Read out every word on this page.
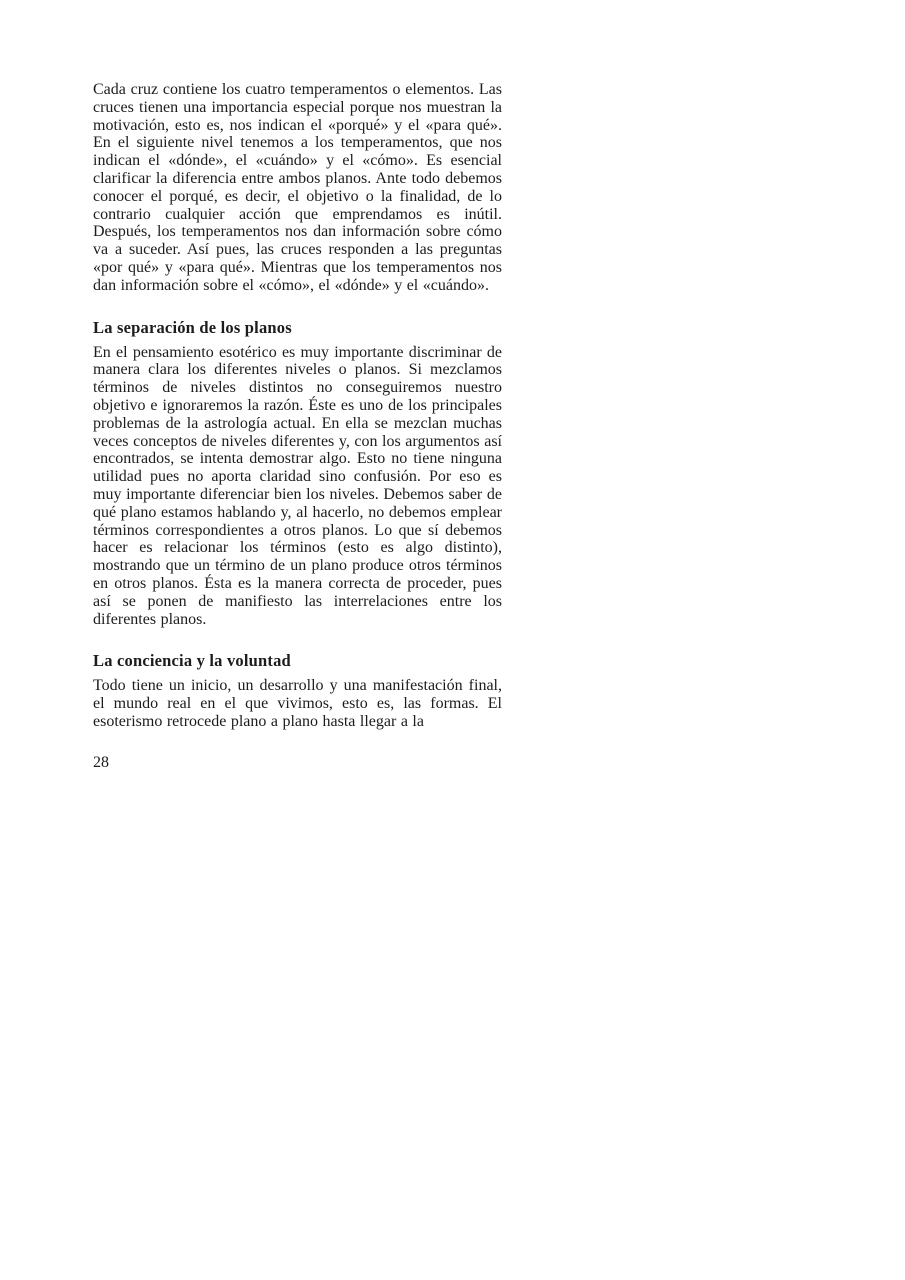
Cada cruz contiene los cuatro temperamentos o elementos. Las cruces tienen una importancia especial porque nos muestran la motivación, esto es, nos indican el «porqué» y el «para qué». En el siguiente nivel tenemos a los temperamentos, que nos indican el «dónde», el «cuándo» y el «cómo». Es esencial clarificar la diferencia entre ambos planos. Ante todo debemos conocer el porqué, es decir, el objetivo o la finalidad, de lo contrario cualquier acción que emprendamos es inútil. Después, los temperamentos nos dan información sobre cómo va a suceder. Así pues, las cruces responden a las preguntas «por qué» y «para qué». Mientras que los temperamentos nos dan información sobre el «cómo», el «dónde» y el «cuándo».

La separación de los planos

En el pensamiento esotérico es muy importante discriminar de manera clara los diferentes niveles o planos. Si mezclamos términos de niveles distintos no conseguiremos nuestro objetivo e ignoraremos la razón. Éste es uno de los principales problemas de la astrología actual. En ella se mezclan muchas veces conceptos de niveles diferentes y, con los argumentos así encontrados, se intenta demostrar algo. Esto no tiene ninguna utilidad pues no aporta claridad sino confusión. Por eso es muy importante diferenciar bien los niveles. Debemos saber de qué plano estamos hablando y, al hacerlo, no debemos emplear términos correspondientes a otros planos. Lo que sí debemos hacer es relacionar los términos (esto es algo distinto), mostrando que un término de un plano produce otros términos en otros planos. Ésta es la manera correcta de proceder, pues así se ponen de manifiesto las interrelaciones entre los diferentes planos.

La conciencia y la voluntad

Todo tiene un inicio, un desarrollo y una manifestación final, el mundo real en el que vivimos, esto es, las formas. El esoterismo retrocede plano a plano hasta llegar a la

28
